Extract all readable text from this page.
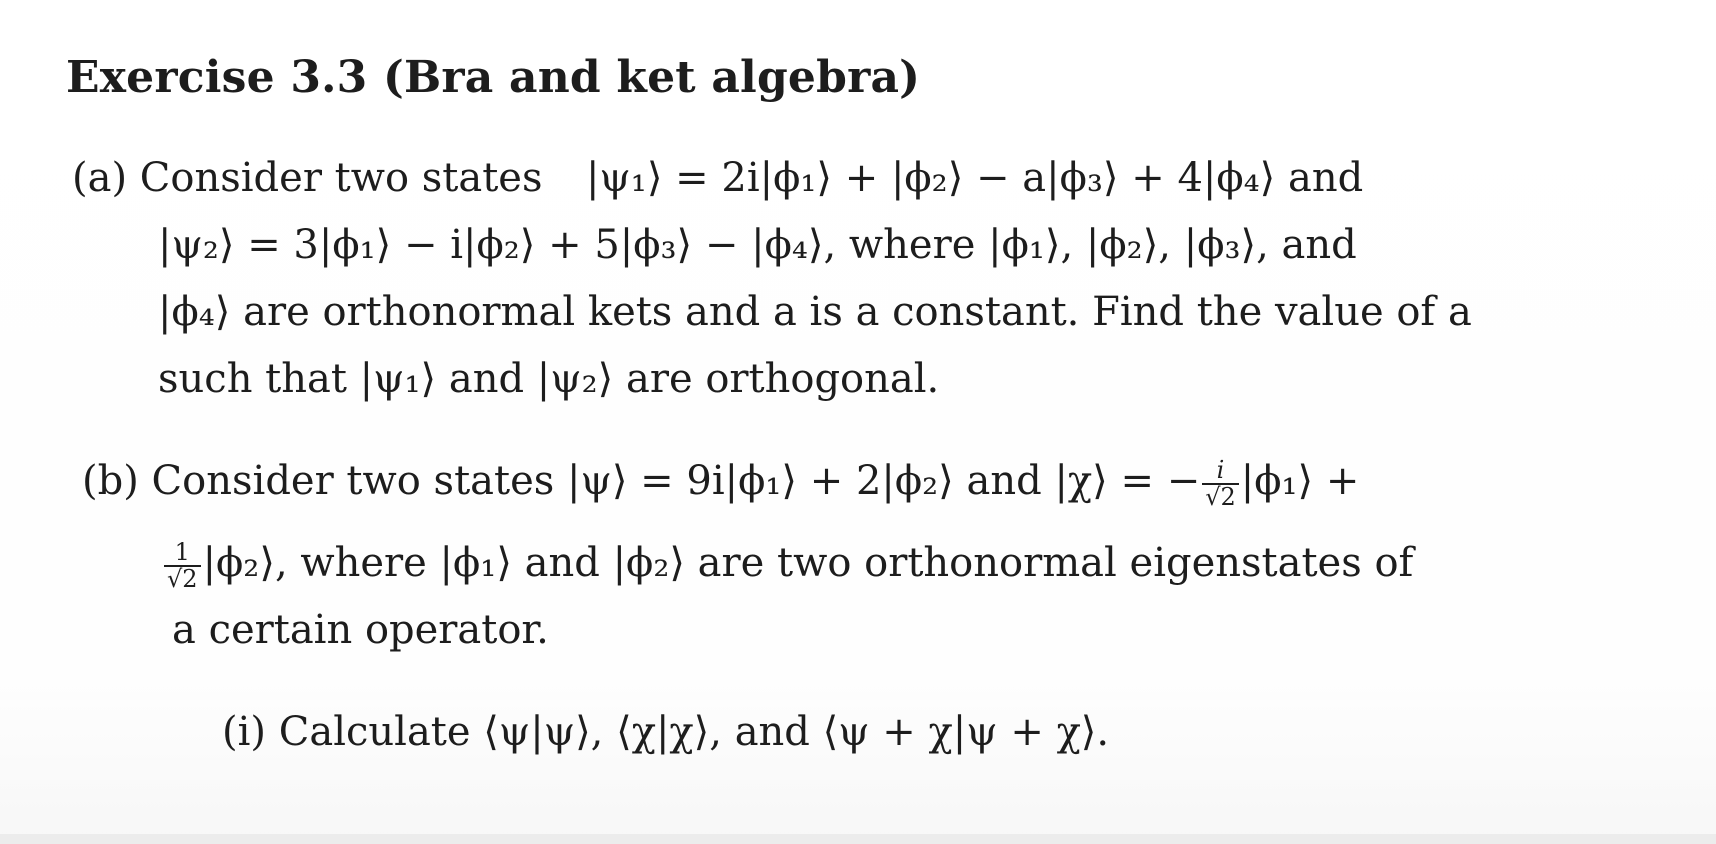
Exercise 3.3 (Bra and ket algebra)
(a) Consider two states |ψ₁⟩ = 2i|ϕ₁⟩ + |ϕ₂⟩ − a|ϕ₃⟩ + 4|ϕ₄⟩ and
|ψ₂⟩ = 3|ϕ₁⟩ − i|ϕ₂⟩ + 5|ϕ₃⟩ − |ϕ₄⟩, where |ϕ₁⟩, |ϕ₂⟩, |ϕ₃⟩, and
|ϕ₄⟩ are orthonormal kets and a is a constant. Find the value of a
such that |ψ₁⟩ and |ψ₂⟩ are orthogonal.
(b) Consider two states |ψ⟩ = 9i|ϕ₁⟩ + 2|ϕ₂⟩ and |χ⟩ = − $\frac{i}{√2}$ |ϕ₁⟩ +
$\frac{1}{√2}$ |ϕ₂⟩, where |ϕ₁⟩ and |ϕ₂⟩ are two orthonormal eigenstates of
a certain operator.
(i) Calculate ⟨ψ|ψ⟩, ⟨χ|χ⟩, and ⟨ψ + χ|ψ + χ⟩.
